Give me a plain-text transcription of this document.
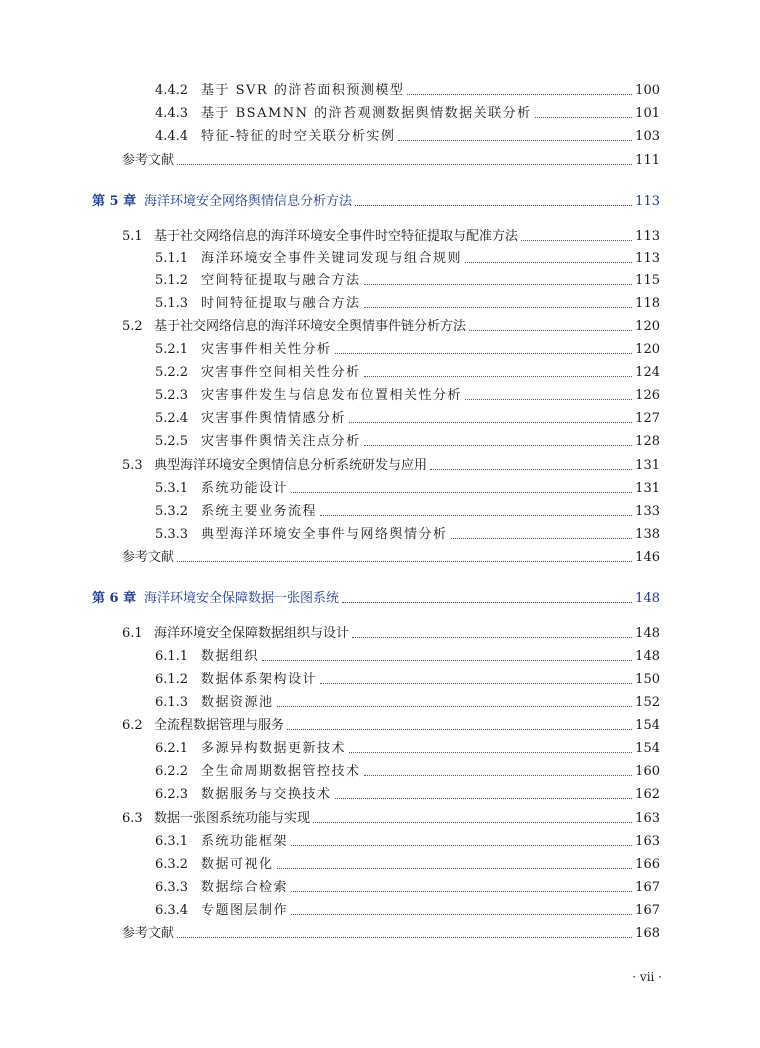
4.4.2 基于 SVR 的浒苔面积预测模型	100
4.4.3 基于 BSAMNN 的浒苔观测数据舆情数据关联分析	101
4.4.4 特征-特征的时空关联分析实例	103
参考文献	111
第 5 章 海洋环境安全网络舆情信息分析方法	113
5.1 基于社交网络信息的海洋环境安全事件时空特征提取与配准方法	113
5.1.1 海洋环境安全事件关键词发现与组合规则	113
5.1.2 空间特征提取与融合方法	115
5.1.3 时间特征提取与融合方法	118
5.2 基于社交网络信息的海洋环境安全舆情事件链分析方法	120
5.2.1 灾害事件相关性分析	120
5.2.2 灾害事件空间相关性分析	124
5.2.3 灾害事件发生与信息发布位置相关性分析	126
5.2.4 灾害事件舆情情感分析	127
5.2.5 灾害事件舆情关注点分析	128
5.3 典型海洋环境安全舆情信息分析系统研发与应用	131
5.3.1 系统功能设计	131
5.3.2 系统主要业务流程	133
5.3.3 典型海洋环境安全事件与网络舆情分析	138
参考文献	146
第 6 章 海洋环境安全保障数据一张图系统	148
6.1 海洋环境安全保障数据组织与设计	148
6.1.1 数据组织	148
6.1.2 数据体系架构设计	150
6.1.3 数据资源池	152
6.2 全流程数据管理与服务	154
6.2.1 多源异构数据更新技术	154
6.2.2 全生命周期数据管控技术	160
6.2.3 数据服务与交换技术	162
6.3 数据一张图系统功能与实现	163
6.3.1 系统功能框架	163
6.3.2 数据可视化	166
6.3.3 数据综合检索	167
6.3.4 专题图层制作	167
参考文献	168
· vii ·
